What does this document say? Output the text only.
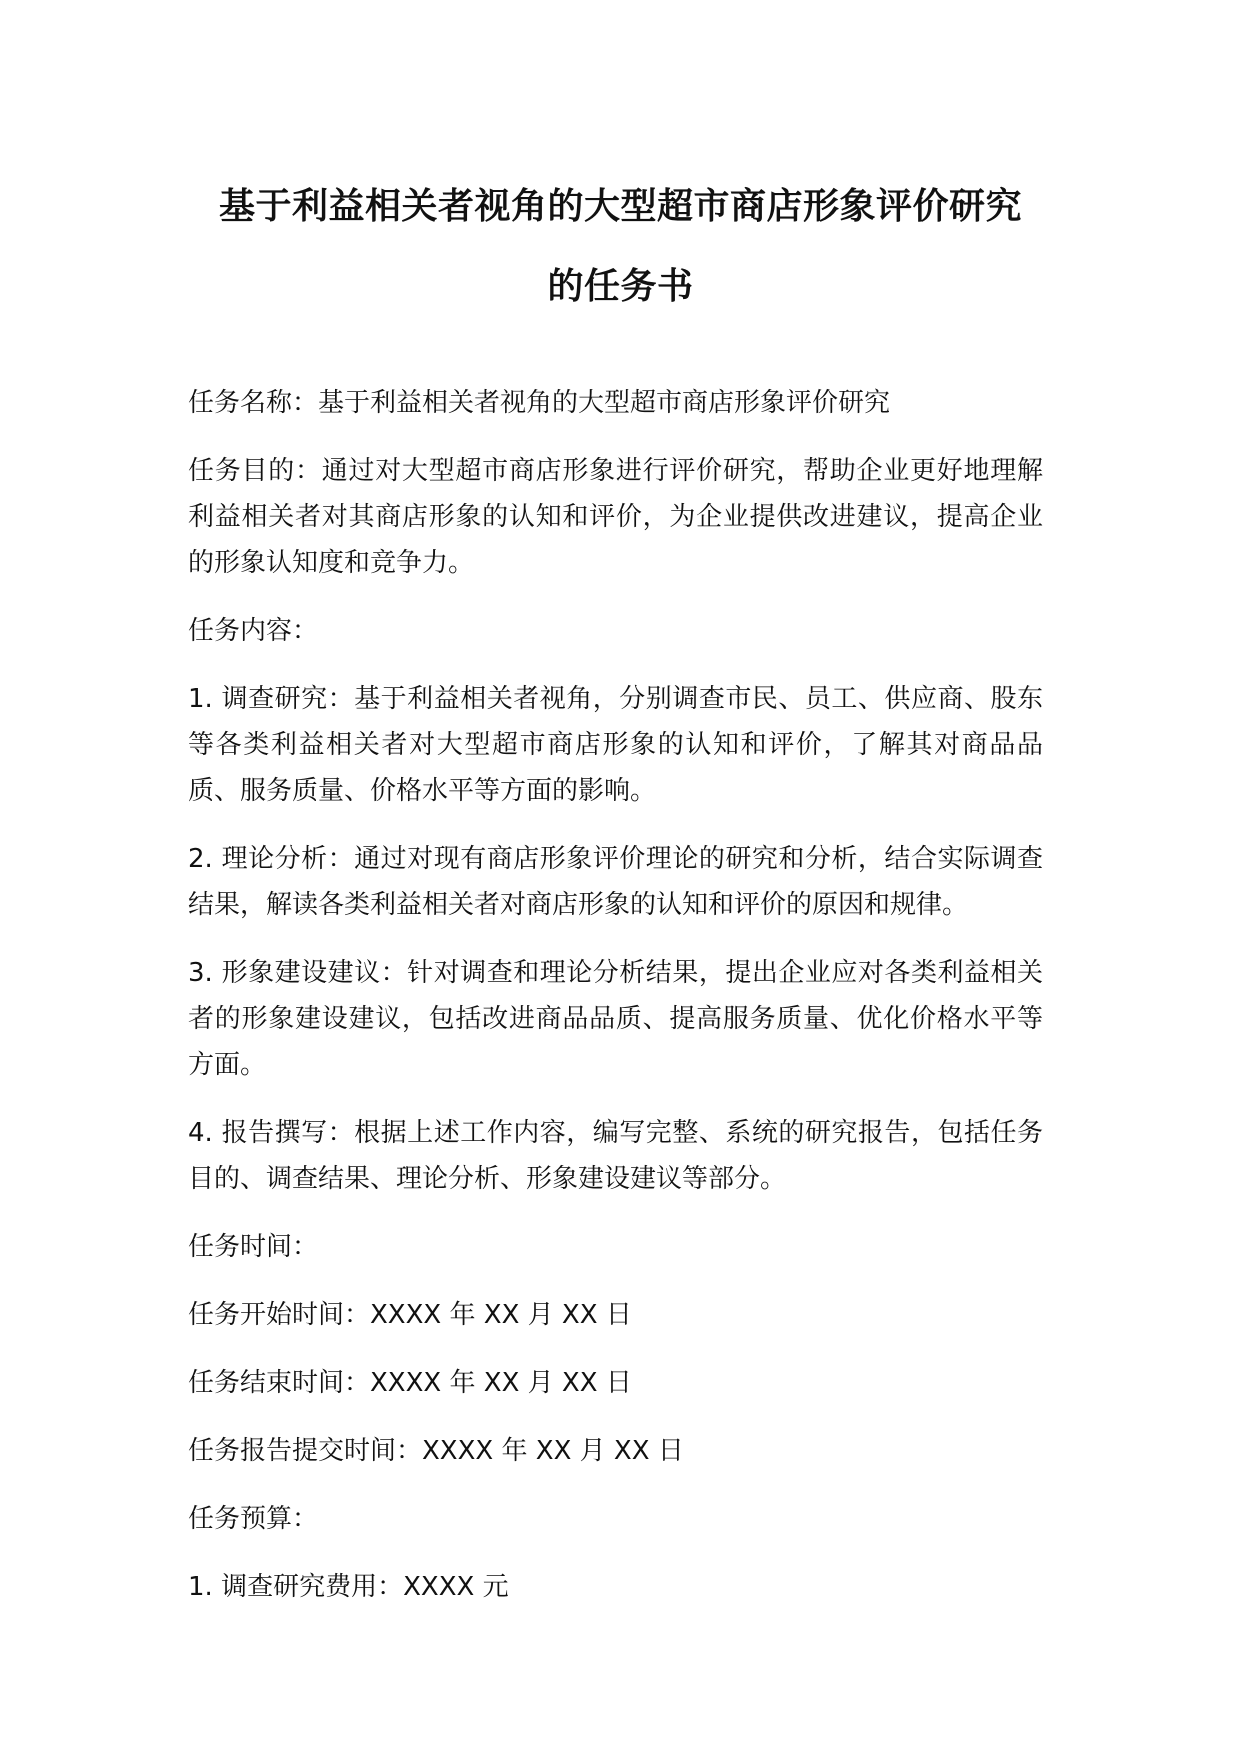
基于利益相关者视角的大型超市商店形象评价研究
的任务书

任务名称：基于利益相关者视角的大型超市商店形象评价研究

任务目的：通过对大型超市商店形象进行评价研究，帮助企业更好地理解利益相关者对其商店形象的认知和评价，为企业提供改进建议，提高企业的形象认知度和竞争力。

任务内容：

1. 调查研究：基于利益相关者视角，分别调查市民、员工、供应商、股东等各类利益相关者对大型超市商店形象的认知和评价，了解其对商品品质、服务质量、价格水平等方面的影响。

2. 理论分析：通过对现有商店形象评价理论的研究和分析，结合实际调查结果，解读各类利益相关者对商店形象的认知和评价的原因和规律。

3. 形象建设建议：针对调查和理论分析结果，提出企业应对各类利益相关者的形象建设建议，包括改进商品品质、提高服务质量、优化价格水平等方面。

4. 报告撰写：根据上述工作内容，编写完整、系统的研究报告，包括任务目的、调查结果、理论分析、形象建设建议等部分。

任务时间：

任务开始时间：XXXX 年 XX 月 XX 日

任务结束时间：XXXX 年 XX 月 XX 日

任务报告提交时间：XXXX 年 XX 月 XX 日

任务预算：

1. 调查研究费用：XXXX 元
